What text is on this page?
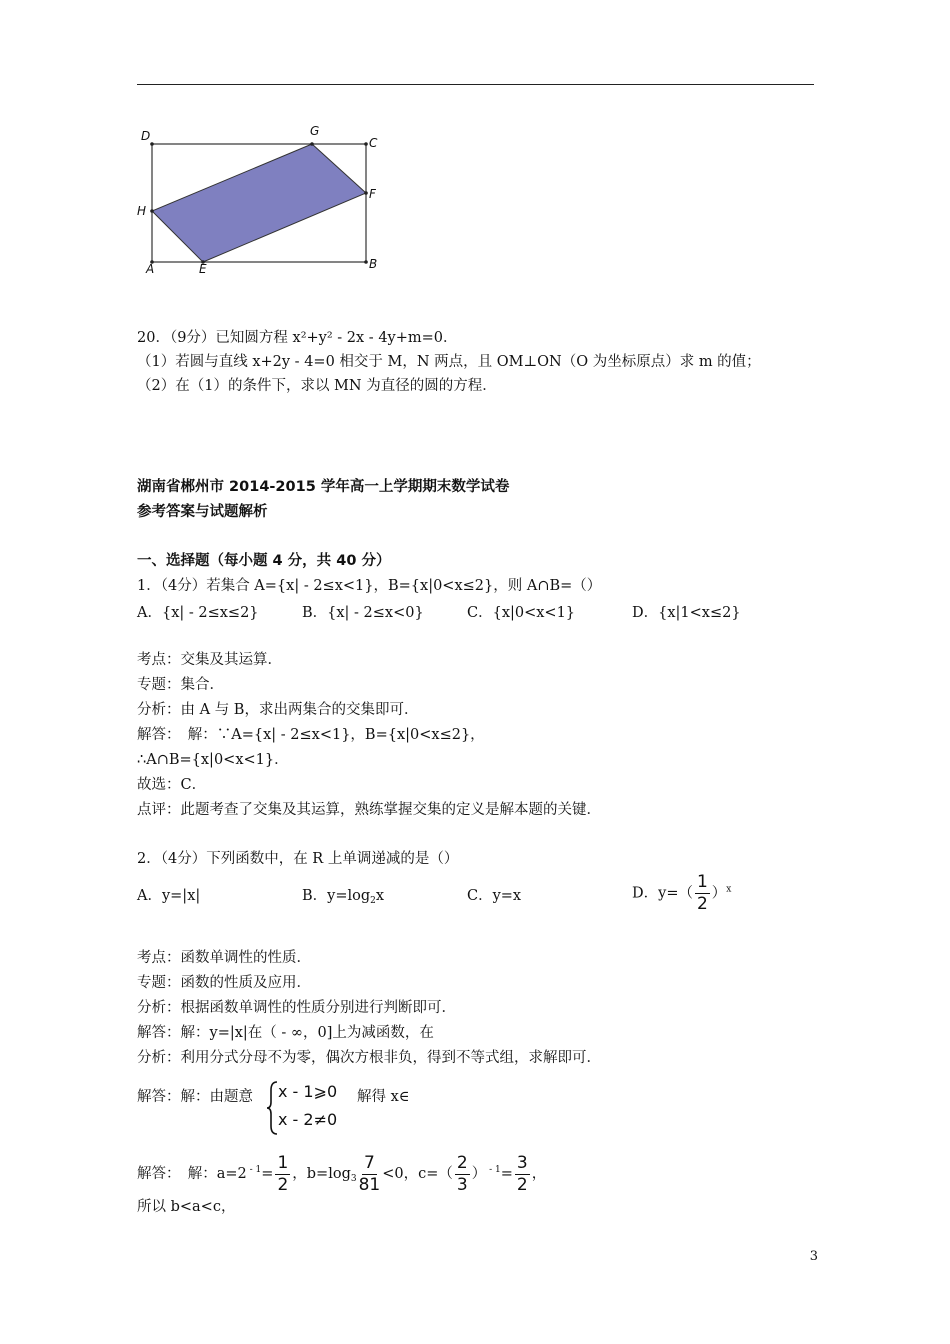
D	G
C
H
F
A	E	B
20．（9分）已知圆方程 x²+y² - 2x - 4y+m=0．
（1）若圆与直线 x+2y - 4=0 相交于 M，N 两点，且 OM⊥ON（O 为坐标原点）求 m 的值；
（2）在（1）的条件下，求以 MN 为直径的圆的方程．
湖南省郴州市 2014-2015 学年高一上学期期末数学试卷
参考答案与试题解析
一、选择题（每小题 4 分，共 40 分）
1．（4分）若集合 A={x| - 2≤x<1}，B={x|0<x≤2}，则 A∩B=（）
A．{x| - 2≤x≤2}	B．{x| - 2≤x<0}	C．{x|0<x<1}	D．{x|1<x≤2}
考点：交集及其运算．
专题：集合．
分析：由 A 与 B，求出两集合的交集即可．
解答：　解：∵A={x| - 2≤x<1}，B={x|0<x≤2}，
∴A∩B={x|0<x<1}．
故选：C．
点评：此题考查了交集及其运算，熟练掌握交集的定义是解本题的关键．
2．（4分）下列函数中，在 R 上单调递减的是（）
A．y=|x|	B．$y=\log_2x$	C．y=x	D．$y=( \frac{1}{2} )^x$
考点：函数单调性的性质．
专题：函数的性质及应用．
分析：根据函数单调性的性质分别进行判断即可．
解答：解：y=|x|在（ - ∞，0]上为减函数，在
分析：利用分式分母不为零，偶次方根非负，得到不等式组，求解即可．
解答：解：由题意 x - 1⩾0
x - 2≠0
解得 x∈
解答：　解：a=2 $^{- 1}= \frac{1}{2}$ ，$b=\log_3 \frac{7}{81} <0$，$c=( \frac{2}{3}$ ） $^{- 1}= \frac{3}{2}$ ，
所以 b<a<c，
3
